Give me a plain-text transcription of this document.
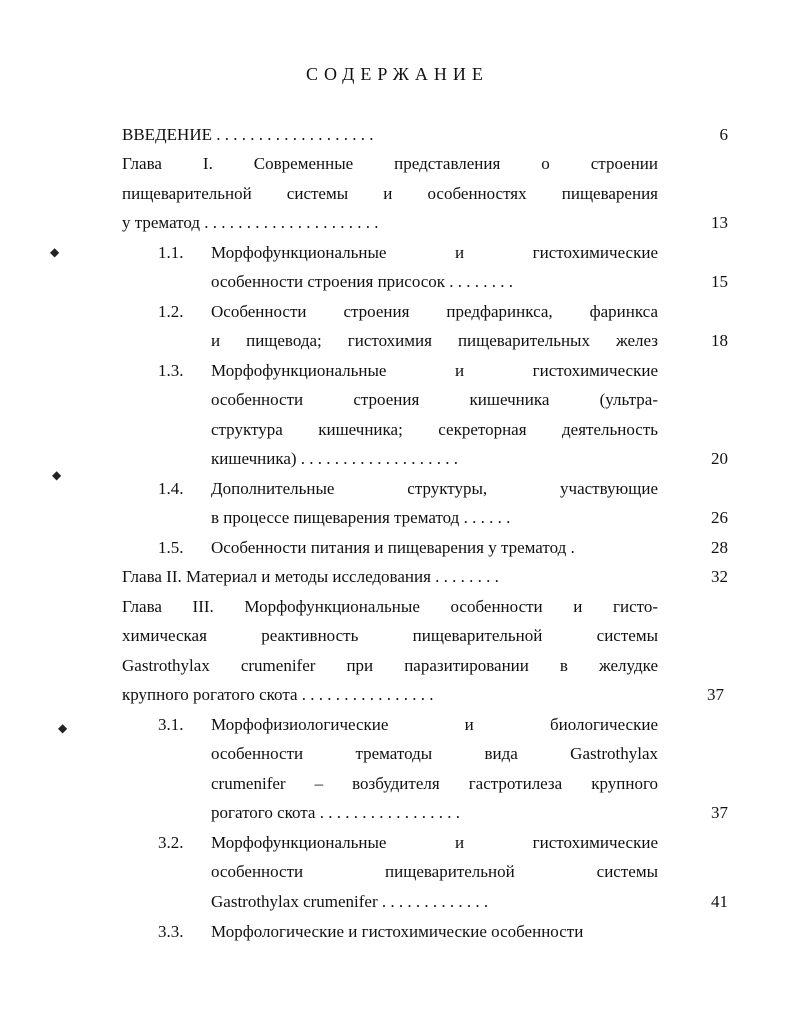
СОДЕРЖАНИЕ
ВВЕДЕНИЕ . . . . . . . . . . . . . . . . . . .	6
Глава I. Современные представления о строении
пищеварительной системы и особенностях пищеварения
у трематод . . . . . . . . . . . . . . . . . . . . .	13
1.1.	Морфофункциональные и гистохимические
особенности строения присосок . . . . . . . .	15
1.2.	Особенности строения предфаринкса, фаринкса
и пищевода; гистохимия пищеварительных желез	18
1.3.	Морфофункциональные и гистохимические
особенности строения кишечника (ультра-
структура кишечника; секреторная деятельность
кишечника) . . . . . . . . . . . . . . . . . . .	20
1.4.	Дополнительные структуры, участвующие
в процессе пищеварения трематод . . . . . .	26
1.5.	Особенности питания и пищеварения у трематод .	28
Глава II. Материал и методы исследования . . . . . . . .	32
Глава III. Морфофункциональные особенности и гисто-
химическая реактивность пищеварительной системы
Gastrothylax crumenifer при паразитировании в желудке
крупного рогатого скота . . . . . . . . . . . . . . . .	37
3.1.	Морфофизиологические и биологические
особенности трематоды вида Gastrothylax
crumenifer – возбудителя гастротилеза крупного
рогатого скота . . . . . . . . . . . . . . . . .	37
3.2.	Морфофункциональные и гистохимические
особенности пищеварительной системы
Gastrothylax crumenifer . . . . . . . . . . . . .	41
3.3.	Морфологические и гистохимические особенности
◆
◆
◆
